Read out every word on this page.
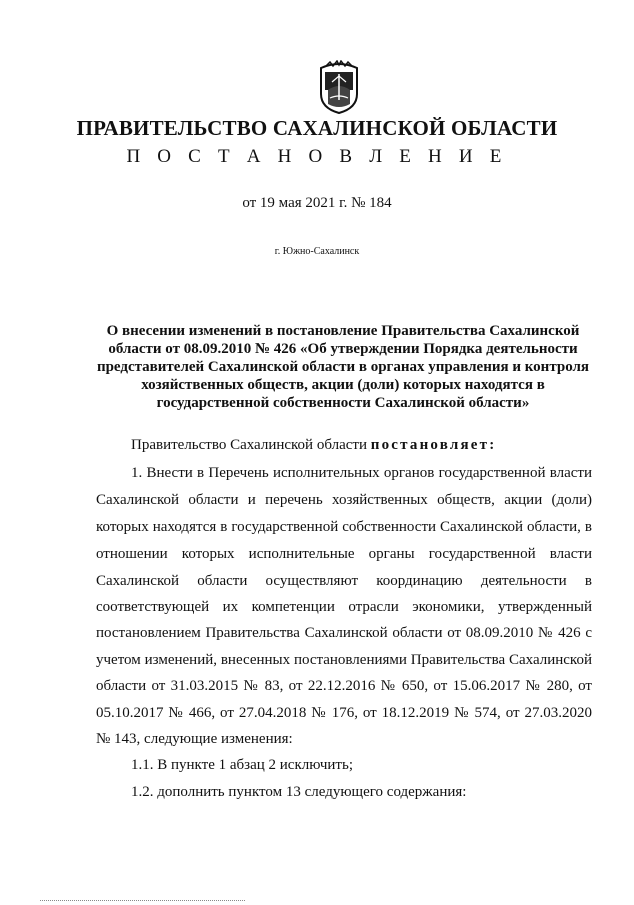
ПРАВИТЕЛЬСТВО САХАЛИНСКОЙ ОБЛАСТИ
П О С Т А Н О В Л Е Н И Е
от 19 мая 2021 г. № 184
г. Южно-Сахалинск
О внесении изменений в постановление Правительства Сахалинской
области от 08.09.2010 № 426 «Об утверждении Порядка деятельности
представителей Сахалинской области в органах управления и контроля
хозяйственных обществ, акции (доли) которых находятся в
государственной собственности Сахалинской области»
Правительство Сахалинской области постановляет:
1. Внести в Перечень исполнительных органов государственной власти
Сахалинской области и перечень хозяйственных обществ, акции (доли)
которых находятся в государственной собственности Сахалинской области, в
отношении которых исполнительные органы государственной власти
Сахалинской области осуществляют координацию деятельности в
соответствующей их компетенции отрасли экономики, утвержденный
постановлением Правительства Сахалинской области от 08.09.2010 № 426 с
учетом изменений, внесенных постановлениями Правительства Сахалинской
области от 31.03.2015 № 83, от 22.12.2016 № 650, от 15.06.2017 № 280, от
05.10.2017 № 466, от 27.04.2018 № 176, от 18.12.2019 № 574, от 27.03.2020
№ 143, следующие изменения:
1.1. В пункте 1 абзац 2 исключить;
1.2. дополнить пунктом 13 следующего содержания:
